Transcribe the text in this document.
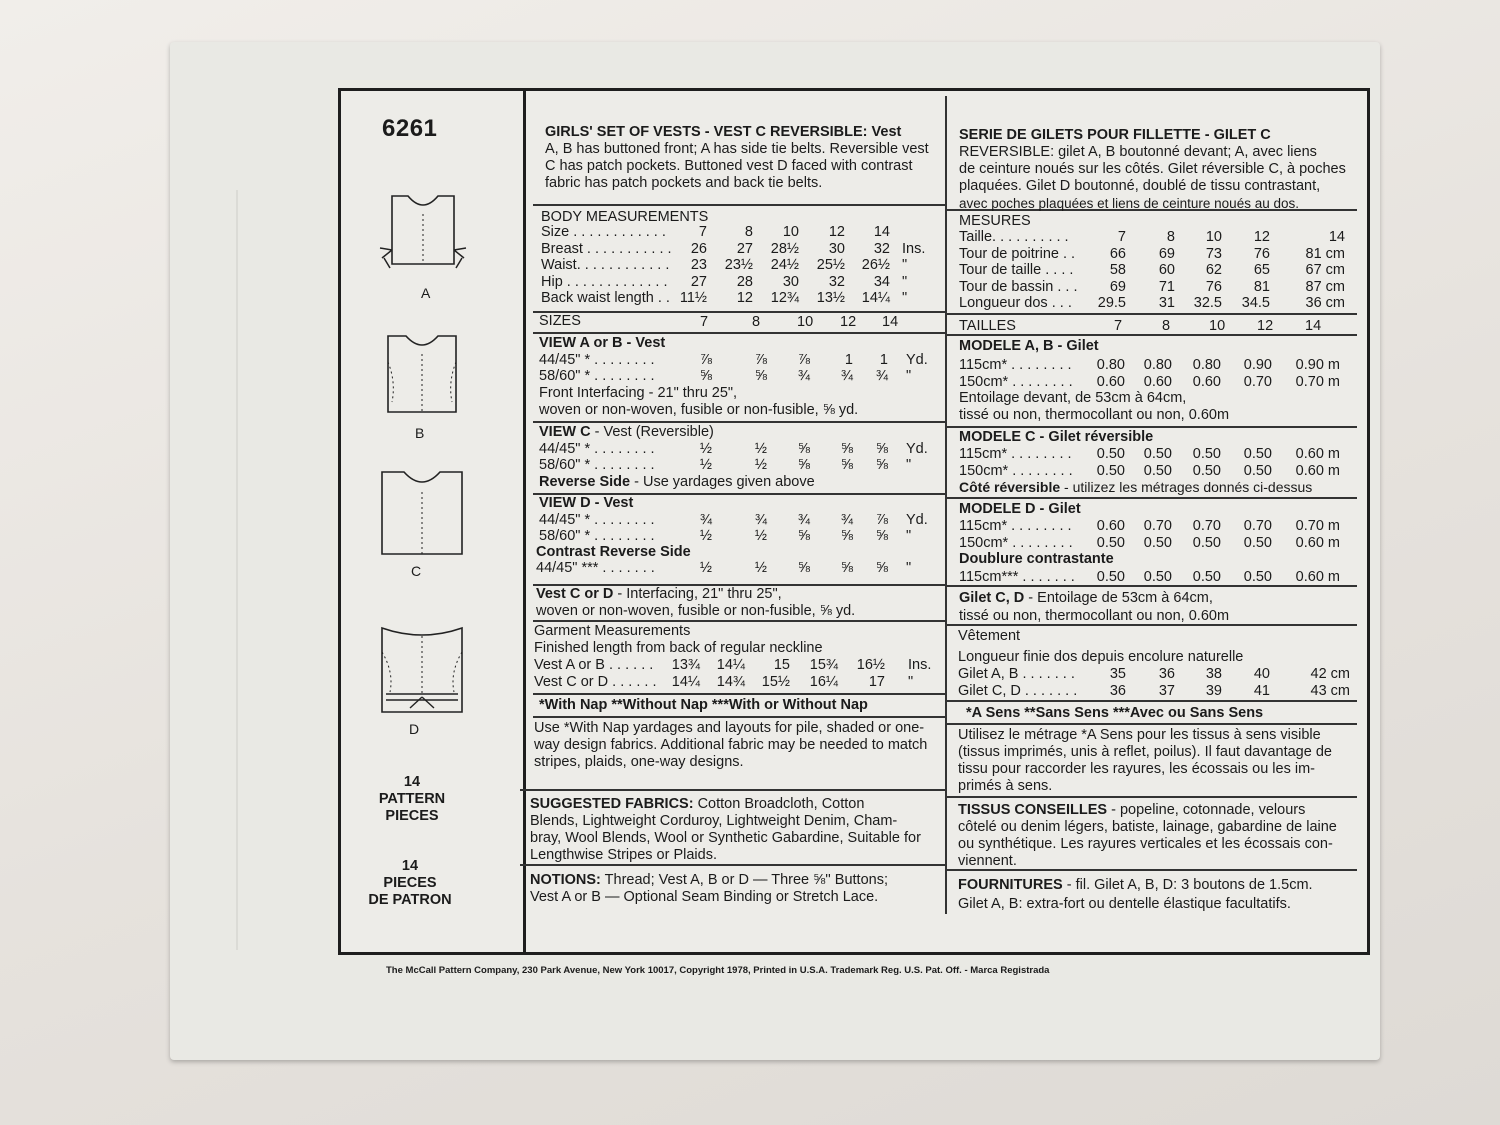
6261
A
B
C
D
14
PATTERN
PIECES
14
PIECES
DE PATRON
GIRLS' SET OF VESTS - VEST C REVERSIBLE: Vest
A, B has buttoned front; A has side tie belts. Reversible vest
C has patch pockets. Buttoned vest D faced with contrast
fabric has patch pockets and back tie belts.
BODY MEASUREMENTS
SIZES
VIEW A or B - Vest
Front Interfacing - 21" thru 25",
woven or non-woven, fusible or non-fusible, ⅝ yd.
VIEW C - Vest (Reversible)
Reverse Side - Use yardages given above
VIEW D - Vest
Contrast Reverse Side
Vest C or D - Interfacing, 21" thru 25",
woven or non-woven, fusible or non-fusible, ⅝ yd.
Garment Measurements
Finished length from back of regular neckline
*With Nap **Without Nap ***With or Without Nap
Use *With Nap yardages and layouts for pile, shaded or one-
way design fabrics. Additional fabric may be needed to match
stripes, plaids, one-way designs.
SUGGESTED FABRICS: Cotton Broadcloth, Cotton
Blends, Lightweight Corduroy, Lightweight Denim, Cham-
bray, Wool Blends, Wool or Synthetic Gabardine, Suitable for
Lengthwise Stripes or Plaids.
NOTIONS: Thread; Vest A, B or D — Three ⅝'' Buttons;
Vest A or B — Optional Seam Binding or Stretch Lace.
SERIE DE GILETS POUR FILLETTE - GILET C
REVERSIBLE: gilet A, B boutonné devant; A, avec liens
de ceinture noués sur les côtés. Gilet réversible C, à poches
plaquées. Gilet D boutonné, doublé de tissu contrastant,
avec poches plaquées et liens de ceinture noués au dos.
MESURES
TAILLES
MODELE A, B - Gilet
Entoilage devant, de 53cm à 64cm,
tissé ou non, thermocollant ou non, 0.60m
MODELE C - Gilet réversible
Côté réversible - utilizez les métrages donnés ci-dessus
MODELE D - Gilet
Doublure contrastante
Gilet C, D - Entoilage de 53cm à 64cm,
tissé ou non, thermocollant ou non, 0.60m
Vêtement
Longueur finie dos depuis encolure naturelle
*A Sens **Sans Sens ***Avec ou Sans Sens
Utilisez le métrage *A Sens pour les tissus à sens visible
(tissus imprimés, unis à reflet, poilus). Il faut davantage de
tissu pour raccorder les rayures, les écossais ou les im-
primés à sens.
TISSUS CONSEILLES - popeline, cotonnade, velours
côtelé ou denim légers, batiste, lainage, gabardine de laine
ou synthétique. Les rayures verticales et les écossais con-
viennent.
FOURNITURES - fil. Gilet A, B, D: 3 boutons de 1.5cm.
Gilet A, B: extra-fort ou dentelle élastique facultatifs.
The McCall Pattern Company, 230 Park Avenue, New York 10017, Copyright 1978, Printed in U.S.A. Trademark Reg. U.S. Pat. Off. - Marca Registrada
Size . . . . . . . . . . . .	7	8	10	12	14
Breast . . . . . . . . . . .	26	27	28½	30	32 Ins.
Waist. . . . . . . . . . . .	23	23½	24½	25½	26½ "
Hip . . . . . . . . . . . . .	27	28	30	32	34 "
Back waist length . . 11½	12	12¾	13½	14¼ "
7	8	10 12 14
44/45" * . . . . . . . .	⅞	⅞	⅞	1	1 Yd.
58/60" * . . . . . . . .	⅝	⅝	¾	¾	¾ "
44/45" * . . . . . . . .	½	½	⅝	⅝	⅝ Yd.
58/60" * . . . . . . . .	½	½	⅝	⅝	⅝ "
44/45" * . . . . . . . .	¾	¾	¾	¾	⅞ Yd.
58/60" * . . . . . . . .	½	½	⅝	⅝	⅝ "
44/45" *** . . . . . . .	½	½	⅝	⅝	⅝ "
Vest A or B . . . . . .	13¾	14¼	15	15¾	16½ Ins.
Vest C or D . . . . . .	14¼	14¾	15½	16¼	17 "
Taille. . . . . . . . . .	7	8	10	12	14
Tour de poitrine . .	66	69	73	76	81 cm
Tour de taille . . . .	58	60	62	65	67 cm
Tour de bassin . . .	69	71	76	81	87 cm
Longueur dos . . .	29.5	31	32.5	34.5	36 cm
7	8	10 12 14
115cm* . . . . . . . .	0.80	0.80	0.80	0.90	0.90 m
150cm* . . . . . . . .	0.60	0.60	0.60	0.70	0.70 m
115cm* . . . . . . . .	0.50	0.50	0.50	0.50	0.60 m
150cm* . . . . . . . .	0.50	0.50	0.50	0.50	0.60 m
115cm* . . . . . . . .	0.60	0.70	0.70	0.70	0.70 m
150cm* . . . . . . . .	0.50	0.50	0.50	0.50	0.60 m
115cm*** . . . . . . .	0.50	0.50	0.50	0.50	0.60 m
Gilet A, B . . . . . . .	35	36	38	40	42 cm
Gilet C, D . . . . . . .	36	37	39	41	43 cm
